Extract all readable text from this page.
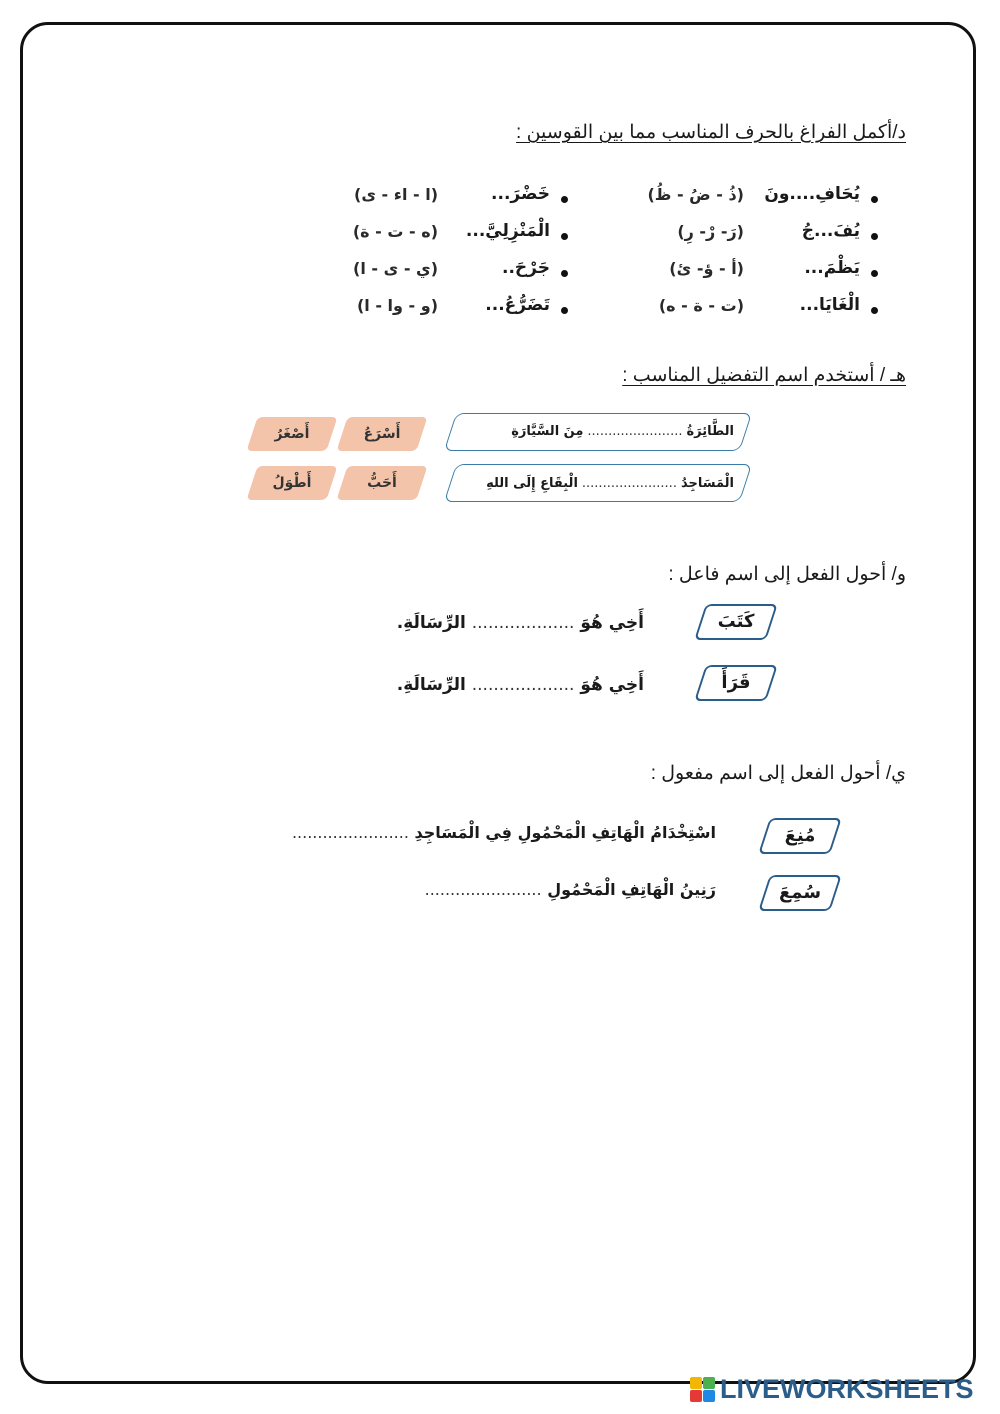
د/أكمل الفراغ بالحرف المناسب مما بين القوسين :
يُحَافِ....ونَ
(ذُ - ضُ - ظُ)
خَضْرَ...
(ا - اء - ى)
يُفَ...جُ
(رَ- رْ- رِ)
الْمَنْزِلِيَّ...
(ه - ت - ة)
يَظْمَ...
(أ - ؤ- ئ)
جَرْحَ..
(ي - ى - ا)
الْغَايَا...
(ت - ة - ه)
تَضَرُّعُ...
(و - وا - ا)
هـ / أستخدم اسم التفضيل المناسب :
الطَّائِرَةُ
.......................
مِنَ السَّيَّارَةِ
الْمَسَاجِدُ
.......................
الْبِقَاعِ إِلَى اللهِ
أَسْرَعُ
أَصْغَرُ
أَحَبُّ
أَطْوَلُ
و/ أحول الفعل إلى اسم فاعل :
كَتَبَ
أَخِي هُوَ ................... الرِّسَالَةِ.
قَرَأَ
أَخِي هُوَ ................... الرِّسَالَةِ.
ي/ أحول الفعل إلى اسم مفعول :
مُنِعَ
اسْتِخْدَامُ الْهَاتِفِ الْمَحْمُولِ فِي الْمَسَاجِدِ .......................
سُمِعَ
رَنِينُ الْهَاتِفِ الْمَحْمُولِ .......................
LIVEWORKSHEETS
